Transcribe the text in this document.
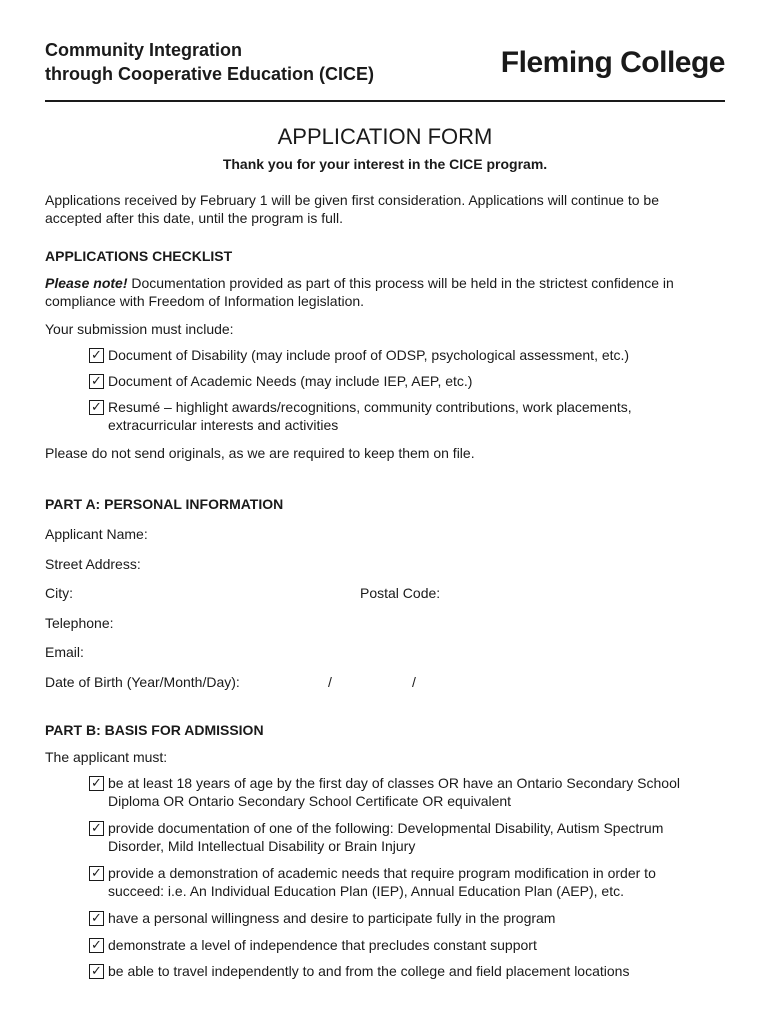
Community Integration
through Cooperative Education (CICE)	Fleming College
APPLICATION FORM
Thank you for your interest in the CICE program.
Applications received by February 1 will be given first consideration. Applications will continue to be accepted after this date, until the program is full.
APPLICATIONS CHECKLIST
Please note! Documentation provided as part of this process will be held in the strictest confidence in compliance with Freedom of Information legislation.
Your submission must include:
✓ Document of Disability (may include proof of ODSP, psychological assessment, etc.)
✓ Document of Academic Needs (may include IEP, AEP, etc.)
✓ Resumé – highlight awards/recognitions, community contributions, work placements, extracurricular interests and activities
Please do not send originals, as we are required to keep them on file.
PART A: PERSONAL INFORMATION
Applicant Name:
Street Address:
City:	Postal Code:
Telephone:
Email:
Date of Birth (Year/Month/Day):	/	/
PART B: BASIS FOR ADMISSION
The applicant must:
✓ be at least 18 years of age by the first day of classes OR have an Ontario Secondary School Diploma OR Ontario Secondary School Certificate OR equivalent
✓ provide documentation of one of the following: Developmental Disability, Autism Spectrum Disorder, Mild Intellectual Disability or Brain Injury
✓ provide a demonstration of academic needs that require program modification in order to succeed: i.e. An Individual Education Plan (IEP), Annual Education Plan (AEP), etc.
✓ have a personal willingness and desire to participate fully in the program
✓ demonstrate a level of independence that precludes constant support
✓ be able to travel independently to and from the college and field placement locations
